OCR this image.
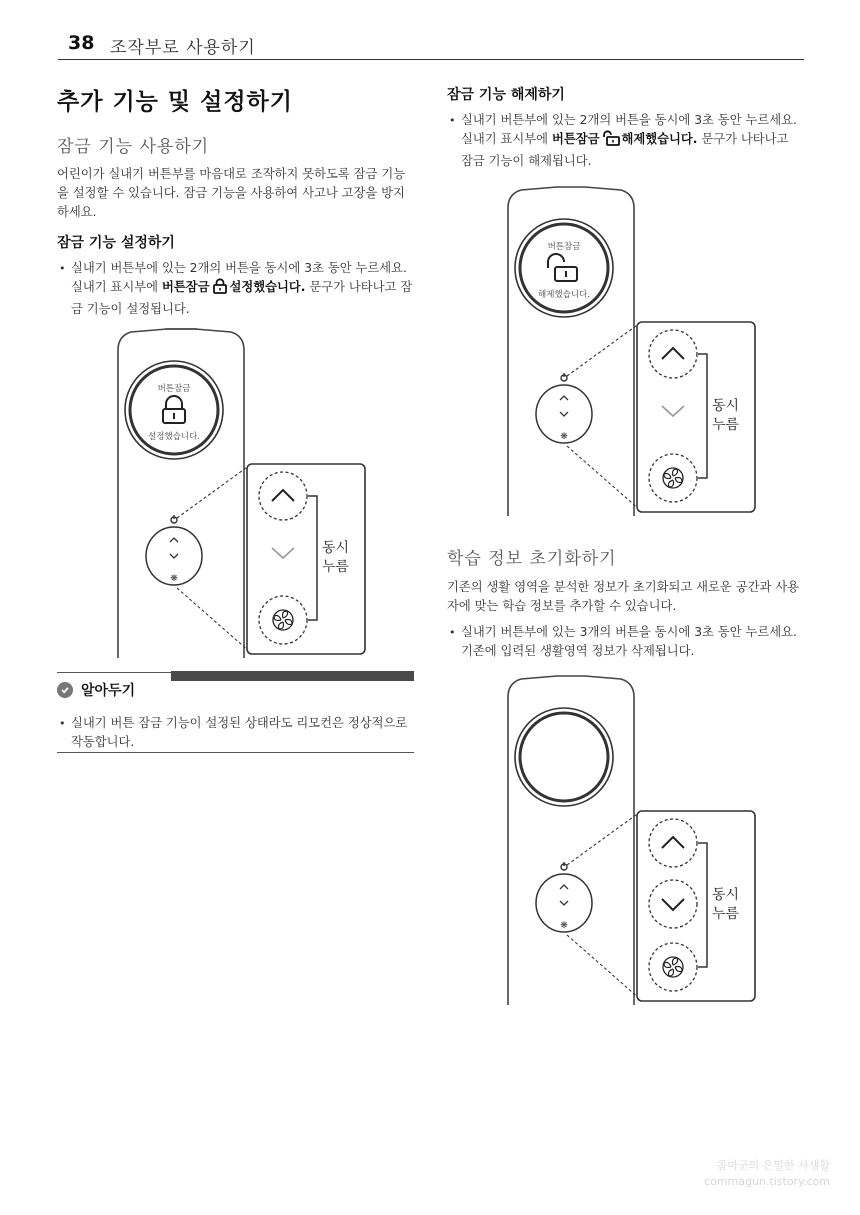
38 조작부로 사용하기
추가 기능 및 설정하기
잠금 기능 사용하기
어린이가 실내기 버튼부를 마음대로 조작하지 못하도록 잠금 기능을 설정할 수 있습니다. 잠금 기능을 사용하여 사고나 고장을 방지하세요.
잠금 기능 설정하기
• 실내기 버튼부에 있는 2개의 버튼을 동시에 3초 동안 누르세요. 실내기 표시부에 버튼잠금 설정했습니다. 문구가 나타나고 잠금 기능이 설정됩니다.
버튼잠금
설정했습니다.
❋
동시
누름
알아두기
• 실내기 버튼 잠금 기능이 설정된 상태라도 리모컨은 정상적으로 작동합니다.
잠금 기능 해제하기
• 실내기 버튼부에 있는 2개의 버튼을 동시에 3초 동안 누르세요. 실내기 표시부에 버튼잠금 해제했습니다. 문구가 나타나고 잠금 기능이 해제됩니다.
버튼잠금
해제했습니다.
❋
동시
누름
학습 정보 초기화하기
기존의 생활 영역을 분석한 정보가 초기화되고 새로운 공간과 사용자에 맞는 학습 정보를 추가할 수 있습니다.
• 실내기 버튼부에 있는 3개의 버튼을 동시에 3초 동안 누르세요. 기존에 입력된 생활영역 정보가 삭제됩니다.
❋
동시
누름
콤마군의 은밀한 사생활
commagun.tistory.com
